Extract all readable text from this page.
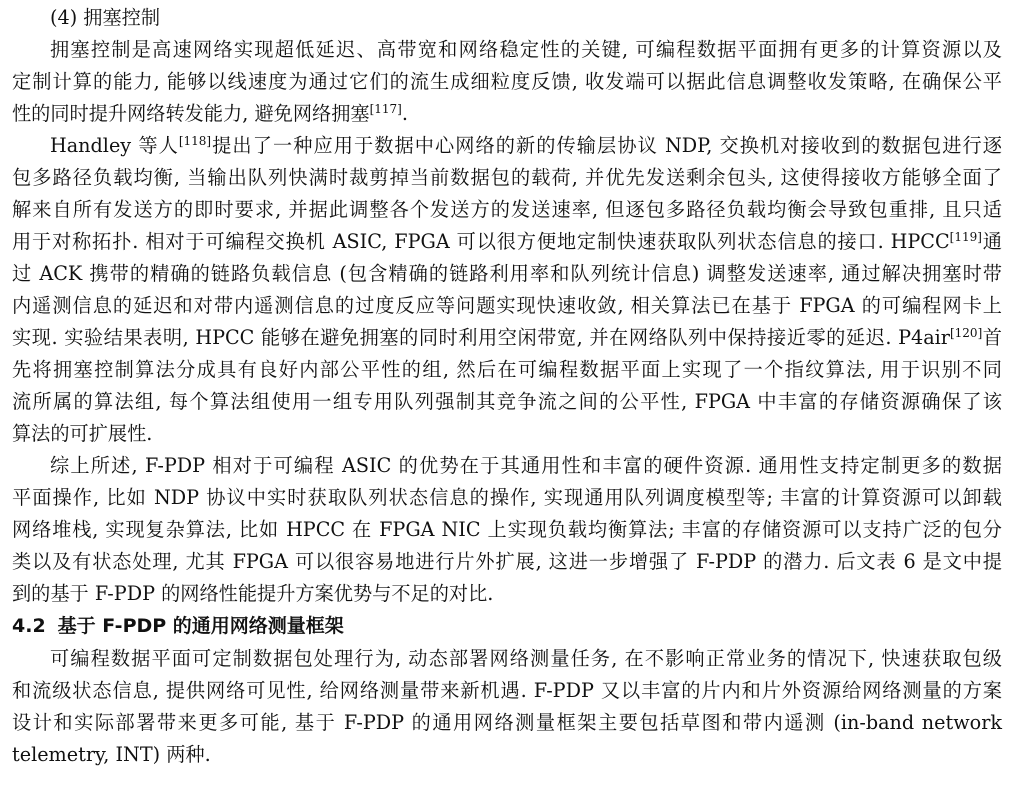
(4) 拥塞控制
拥塞控制是高速网络实现超低延迟、高带宽和网络稳定性的关键, 可编程数据平面拥有更多的计算资源以及
定制计算的能力, 能够以线速度为通过它们的流生成细粒度反馈, 收发端可以据此信息调整收发策略, 在确保公平
性的同时提升网络转发能力, 避免网络拥塞[117].
Handley 等人[118]提出了一种应用于数据中心网络的新的传输层协议 NDP, 交换机对接收到的数据包进行逐
包多路径负载均衡, 当输出队列快满时裁剪掉当前数据包的载荷, 并优先发送剩余包头, 这使得接收方能够全面了
解来自所有发送方的即时要求, 并据此调整各个发送方的发送速率, 但逐包多路径负载均衡会导致包重排, 且只适
用于对称拓扑. 相对于可编程交换机 ASIC, FPGA 可以很方便地定制快速获取队列状态信息的接口. HPCC[119]通
过 ACK 携带的精确的链路负载信息 (包含精确的链路利用率和队列统计信息) 调整发送速率, 通过解决拥塞时带
内遥测信息的延迟和对带内遥测信息的过度反应等问题实现快速收敛, 相关算法已在基于 FPGA 的可编程网卡上
实现. 实验结果表明, HPCC 能够在避免拥塞的同时利用空闲带宽, 并在网络队列中保持接近零的延迟. P4air[120]首
先将拥塞控制算法分成具有良好内部公平性的组, 然后在可编程数据平面上实现了一个指纹算法, 用于识别不同
流所属的算法组, 每个算法组使用一组专用队列强制其竞争流之间的公平性, FPGA 中丰富的存储资源确保了该
算法的可扩展性.
综上所述, F-PDP 相对于可编程 ASIC 的优势在于其通用性和丰富的硬件资源. 通用性支持定制更多的数据
平面操作, 比如 NDP 协议中实时获取队列状态信息的操作, 实现通用队列调度模型等; 丰富的计算资源可以卸载
网络堆栈, 实现复杂算法, 比如 HPCC 在 FPGA NIC 上实现负载均衡算法; 丰富的存储资源可以支持广泛的包分
类以及有状态处理, 尤其 FPGA 可以很容易地进行片外扩展, 这进一步增强了 F-PDP 的潜力. 后文表 6 是文中提
到的基于 F-PDP 的网络性能提升方案优势与不足的对比.
4.2 基于 F-PDP 的通用网络测量框架
可编程数据平面可定制数据包处理行为, 动态部署网络测量任务, 在不影响正常业务的情况下, 快速获取包级
和流级状态信息, 提供网络可见性, 给网络测量带来新机遇. F-PDP 又以丰富的片内和片外资源给网络测量的方案
设计和实际部署带来更多可能, 基于 F-PDP 的通用网络测量框架主要包括草图和带内遥测 (in-band network
telemetry, INT) 两种.
